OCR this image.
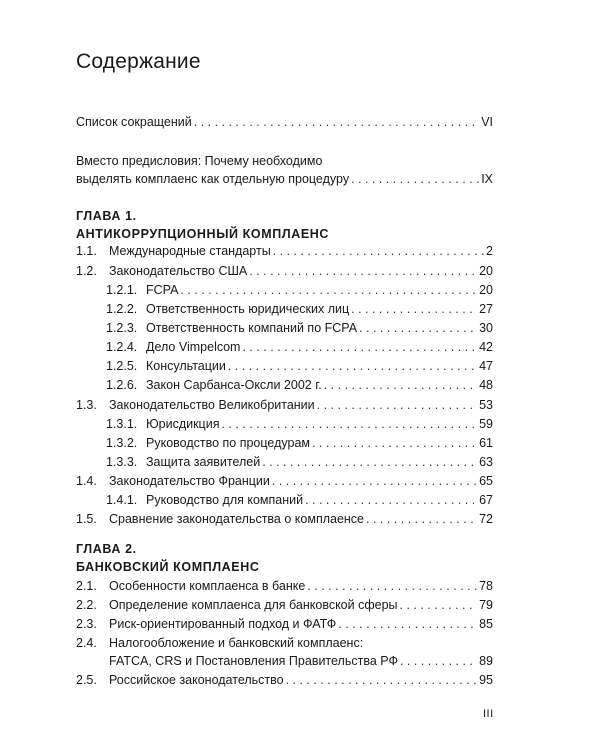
Содержание
Список сокращений . . .	VI
Вместо предисловия: Почему необходимо
выделять комплаенс как отдельную процедуру . . .	IX
ГЛАВА 1.
АНТИКОРРУПЦИОННЫЙ КОМПЛАЕНС
1.1. Международные стандарты . . .	2
1.2. Законодательство США . . .	20
1.2.1. FCPA . . .	20
1.2.2. Ответственность юридических лиц . . .	27
1.2.3. Ответственность компаний по FCPA . . .	30
1.2.4. Дело Vimpelcom . . .	42
1.2.5. Консультации . . .	47
1.2.6. Закон Сарбанса-Оксли 2002 г. . . .	48
1.3. Законодательство Великобритании . . .	53
1.3.1. Юрисдикция . . .	59
1.3.2. Руководство по процедурам . . .	61
1.3.3. Защита заявителей . . .	63
1.4. Законодательство Франции . . .	65
1.4.1. Руководство для компаний . . .	67
1.5. Сравнение законодательства о комплаенсе . . .	72
ГЛАВА 2.
БАНКОВСКИЙ КОМПЛАЕНС
2.1. Особенности комплаенса в банке . . .	78
2.2. Определение комплаенса для банковской сферы . . .	79
2.3. Риск-ориентированный подход и ФАТФ . . .	85
2.4. Налогообложение и банковский комплаенс:
FATCA, CRS и Постановления Правительства РФ . . .	89
2.5. Российское законодательство . . .	95
III
